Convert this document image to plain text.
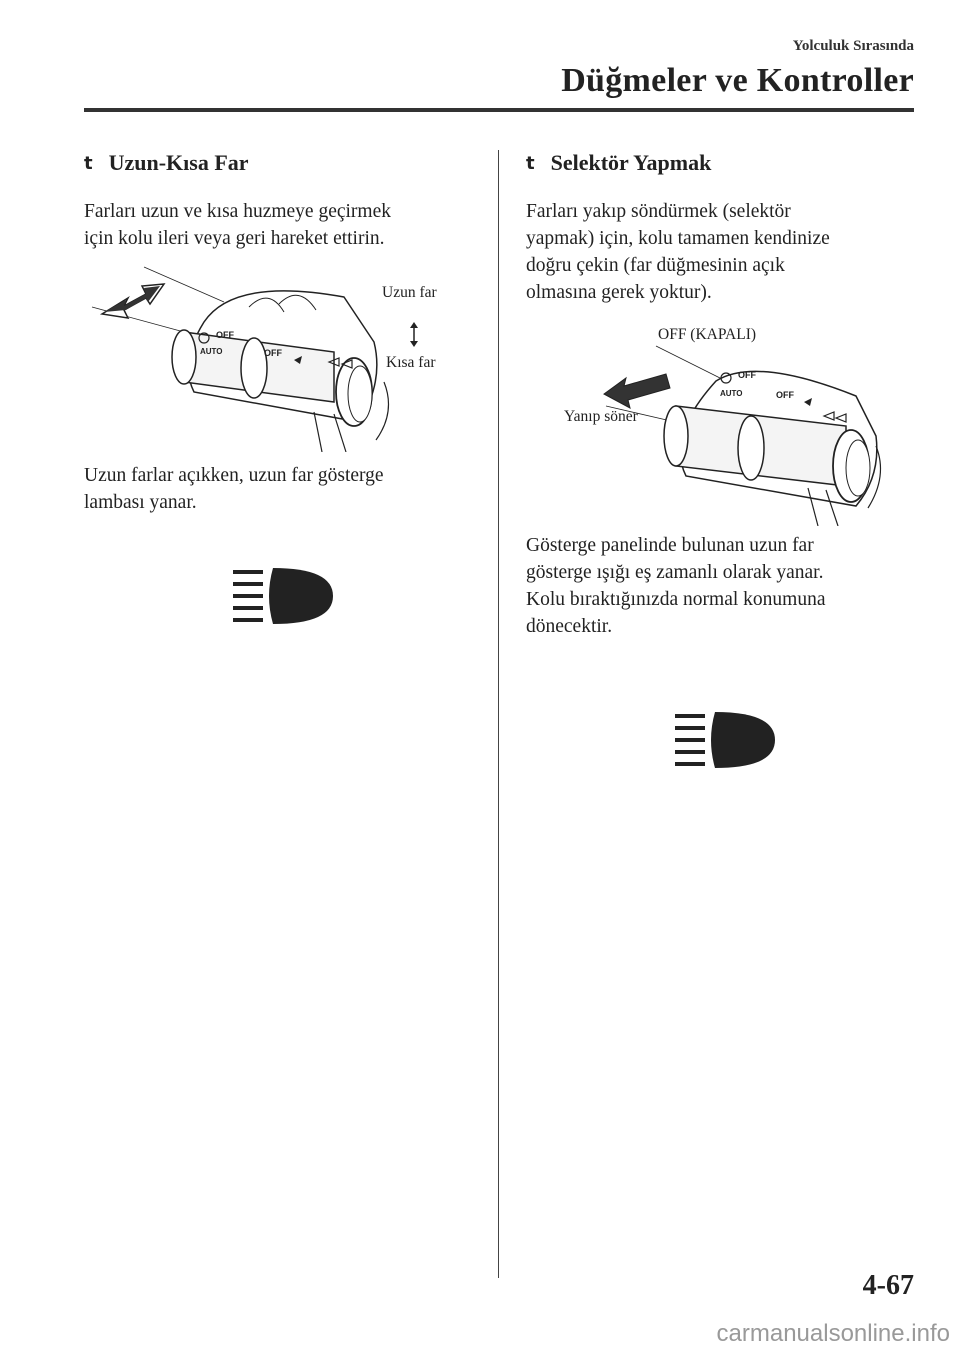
Yolculuk Sırasında
Düğmeler ve Kontroller
t Uzun-Kısa Far

Farları uzun ve kısa huzmeye geçirmek
için kolu ileri veya geri hareket ettirin.

OFF
AUTO	OFF
Uzun far
Kısa far

Uzun farlar açıkken, uzun far gösterge
lambası yanar.

t Selektör Yapmak

Farları yakıp söndürmek (selektör
yapmak) için, kolu tamamen kendinize
doğru çekin (far düğmesinin açık
olmasına gerek yoktur).

OFF
AUTO	OFF
OFF (KAPALI)
Yanıp söner

Gösterge panelinde bulunan uzun far
gösterge ışığı eş zamanlı olarak yanar.
Kolu bıraktığınızda normal konumuna
dönecektir.

4-67
carmanualsonline.info
